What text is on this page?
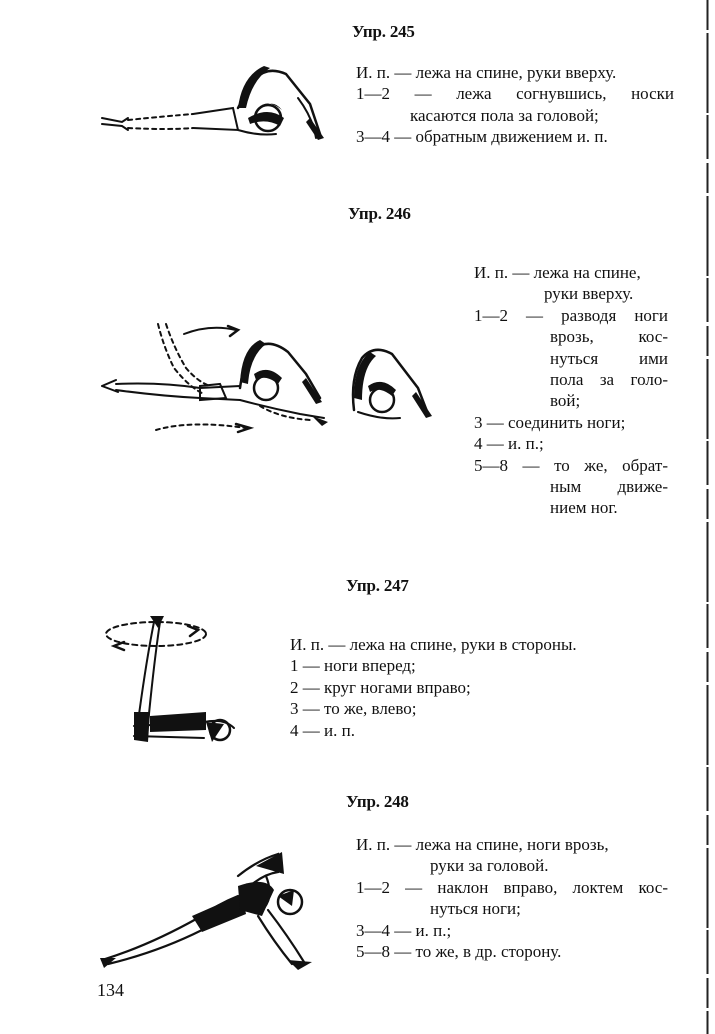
Упр. 245
И. п. — лежа на спине, руки вверху.
1—2 — лежа согнувшись, носки
касаются пола за головой;
3—4 — обратным движением и. п.
Упр. 246
И. п. — лежа на спине,
руки вверху.
1—2 — разводя ноги
врозь, кос-
нуться ими
пола за голо-
вой;
3 — соединить ноги;
4 — и. п.;
5—8 — то же, обрат-
ным движе-
нием ног.
Упр. 247
И. п. — лежа на спине, руки в стороны.
1 — ноги вперед;
2 — круг ногами вправо;
3 — то же, влево;
4 — и. п.
Упр. 248
И. п. — лежа на спине, ноги врозь,
руки за головой.
1—2 — наклон вправо, локтем кос-
нуться ноги;
3—4 — и. п.;
5—8 — то же, в др. сторону.

134
